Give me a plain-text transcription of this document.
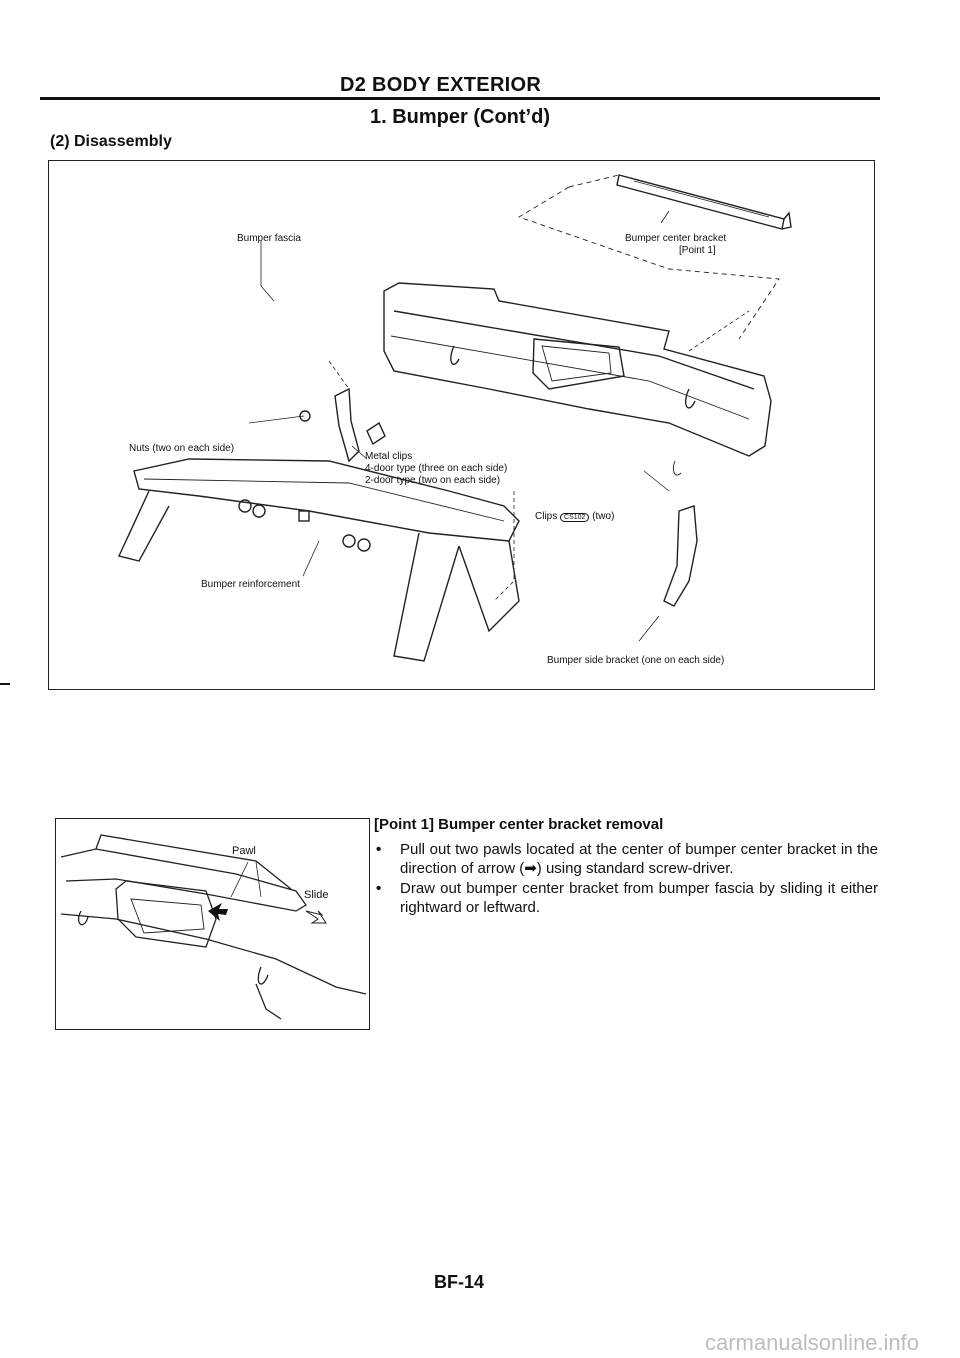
D2 BODY EXTERIOR
1. Bumper (Cont’d)
(2) Disassembly
Bumper fascia	Bumper center bracket
[Point 1]
Nuts (two on each side)
Metal clips
4-door type (three on each side)
2-door type (two on each side)
Clips CS102 (two)
Bumper reinforcement
Bumper side bracket (one on each side)
Pawl
Slide
[Point 1] Bumper center bracket removal
• Pull out two pawls located at the center of bumper center bracket in the direction of arrow (➡) using standard screw-driver.
• Draw out bumper center bracket from bumper fascia by sliding it either rightward or leftward.
BF-14
carmanualsonline.info
